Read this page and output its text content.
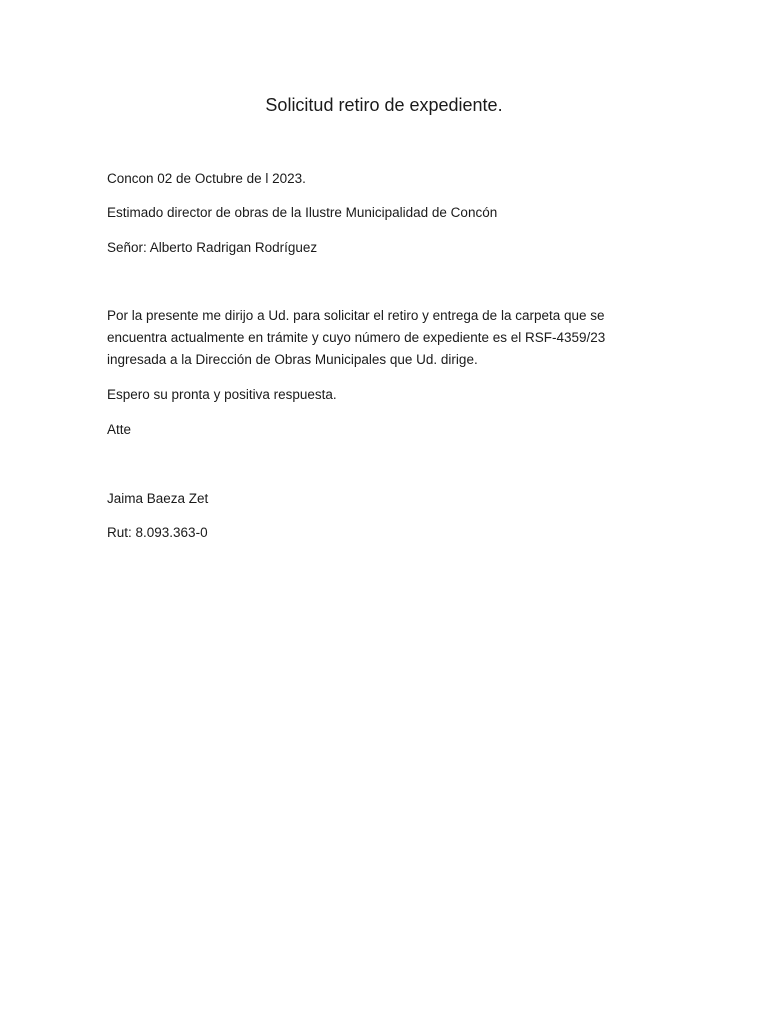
Solicitud retiro de expediente.
Concon 02 de Octubre de l 2023.
Estimado director de obras de la Ilustre Municipalidad de Concón
Señor: Alberto Radrigan Rodríguez
Por la presente me dirijo a Ud. para solicitar el retiro y entrega de la carpeta que se
encuentra actualmente en trámite y cuyo número de expediente es el RSF-4359/23
ingresada a la Dirección de Obras Municipales que Ud. dirige.
Espero su pronta y positiva respuesta.
Atte
Jaima Baeza Zet
Rut: 8.093.363-0
